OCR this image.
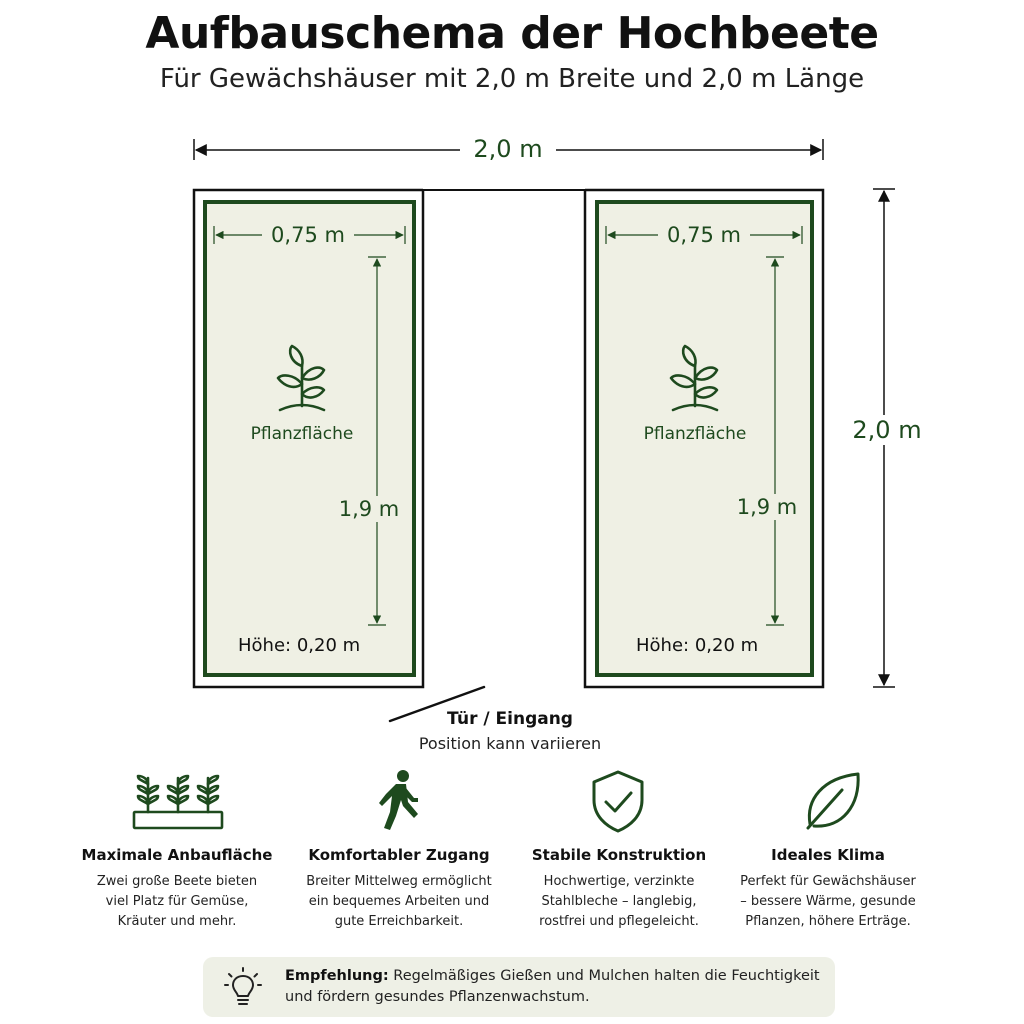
Aufbauschema der Hochbeete
Für Gewächshäuser mit 2,0 m Breite und 2,0 m Länge
2,0 m
2,0 m
0,75 m	0,75 m
1,9 m	1,9 m
Pflanzfläche	Pflanzfläche
Höhe: 0,20 m	Höhe: 0,20 m
Tür / Eingang
Position kann variieren
Maximale Anbaufläche
Zwei große Beete bieten viel Platz für Gemüse, Kräuter und mehr.
Komfortabler Zugang
Breiter Mittelweg ermöglicht ein bequemes Arbeiten und gute Erreichbarkeit.
Stabile Konstruktion
Hochwertige, verzinkte Stahlbleche – langlebig, rostfrei und pflegeleicht.
Ideales Klima
Perfekt für Gewächshäuser – bessere Wärme, gesunde Pflanzen, höhere Erträge.
Empfehlung: Regelmäßiges Gießen und Mulchen halten die Feuchtigkeit und fördern gesundes Pflanzenwachstum.
